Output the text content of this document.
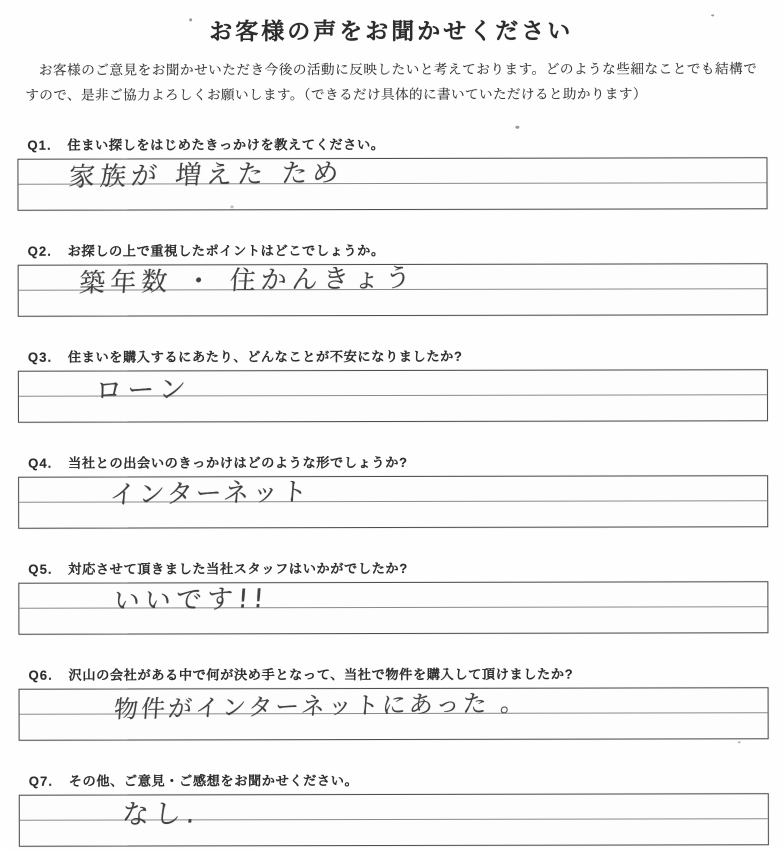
お客様の声をお聞かせください

お客様のご意見をお聞かせいただき今後の活動に反映したいと考えております。どのような些細なことでも結構ですので、是非ご協力よろしくお願いします。（できるだけ具体的に書いていただけると助かります）

Q1. 住まい探しをはじめたきっかけを教えてください。
家族が 増えた ため
Q2. お探しの上で重視したポイントはどこでしょうか。
築年数 ・ 住かんきょう
Q3. 住まいを購入するにあたり、どんなことが不安になりましたか?
ローン
Q4. 当社との出会いのきっかけはどのような形でしょうか?
インターネット
Q5. 対応させて頂きました当社スタッフはいかがでしたか?
いいです!!
Q6. 沢山の会社がある中で何が決め手となって、当社で物件を購入して頂けましたか?
物件がインターネットにあった 。
Q7. その他、ご意見・ご感想をお聞かせください。
なし.
